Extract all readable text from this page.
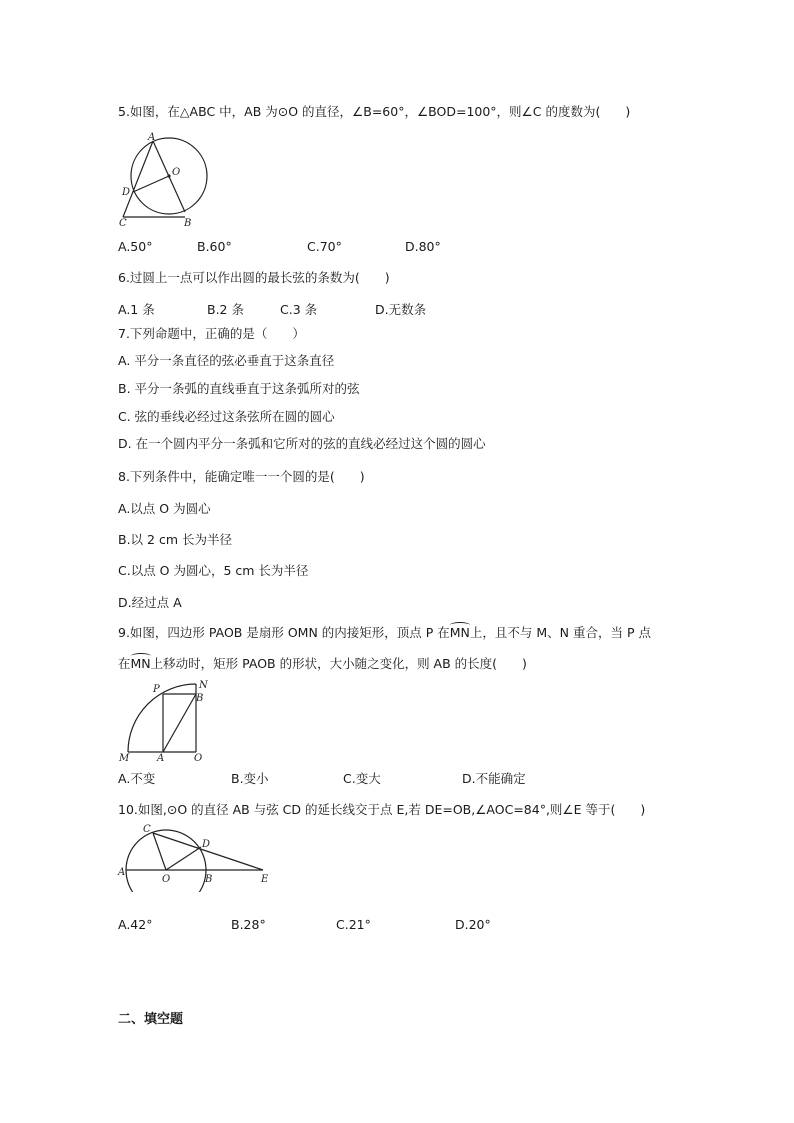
5.如图，在△ABC 中，AB 为⊙O 的直径，∠B=60°，∠BOD=100°，则∠C 的度数为(　　)
A
O
D
C	B
A.50°	B.60°	C.70°	D.80°
6.过圆上一点可以作出圆的最长弦的条数为(　　)
A.1 条	B.2 条	C.3 条	D.无数条
7.下列命题中，正确的是（　　）
A. 平分一条直径的弦必垂直于这条直径
B. 平分一条弧的直线垂直于这条弧所对的弦
C. 弦的垂线必经过这条弦所在圆的圆心
D. 在一个圆内平分一条弧和它所对的弦的直线必经过这个圆的圆心
8.下列条件中，能确定唯一一个圆的是(　　)
A.以点 O 为圆心
B.以 2 cm 长为半径
C.以点 O 为圆心，5 cm 长为半径
D.经过点 A
9.如图，四边形 PAOB 是扇形 OMN 的内接矩形，顶点 P 在MN上，且不与 M、N 重合，当 P 点
在MN上移动时，矩形 PAOB 的形状，大小随之变化，则 AB 的长度(　　)
P	N
B
M	A	O
A.不变	B.变小	C.变大	D.不能确定
10.如图,⊙O 的直径 AB 与弦 CD 的延长线交于点 E,若 DE=OB,∠AOC=84°,则∠E 等于(　　)
C
D
A
O	B	E
A.42°	B.28°	C.21°	D.20°
二、填空题
